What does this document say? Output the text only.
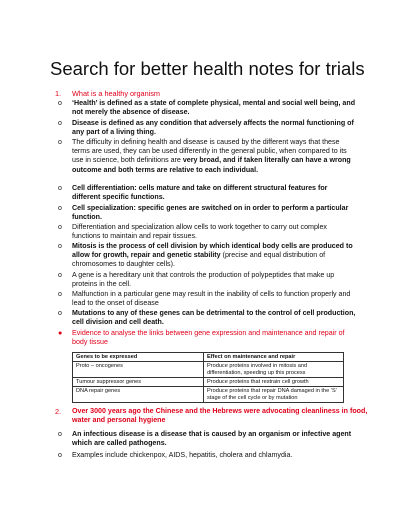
Search for better health notes for trials
1. What is a healthy organism
o ‘Health’ is defined as a state of complete physical, mental and social well being, and not merely the absence of disease.
o Disease is defined as any condition that adversely affects the normal functioning of any part of a living thing.
o The difficulty in defining health and disease is caused by the different ways that these terms are used, they can be used differently in the general public, when compared to its use in science, both definitions are very broad, and if taken literally can have a wrong outcome and both terms are relative to each individual.
o Cell differentiation: cells mature and take on different structural features for different specific functions.
o Cell specialization: specific genes are switched on in order to perform a particular function.
o Differentiation and specialization allow cells to work together to carry out complex functions to maintain and repair tissues.
o Mitosis is the process of cell division by which identical body cells are produced to allow for growth, repair and genetic stability (precise and equal distribution of chromosomes to daughter cells).
o A gene is a hereditary unit that controls the production of polypeptides that make up proteins in the cell.
o Malfunction in a particular gene may result in the inability of cells to function properly and lead to the onset of disease
o Mutations to any of these genes can be detrimental to the control of cell production, cell division and cell death.
● Evidence to analyse the links between gene expression and maintenance and repair of body tissue
Genes to be expressed	Effect on maintenance and repair
Proto – oncogenes	Produce proteins involved in mitosis and differentiation, speeding up this process
Tumour suppressor genes	Produce proteins that restrain cell growth
DNA repair genes	Produce proteins that repair DNA damaged in the ‘S’ stage of the cell cycle or by mutation
2. Over 3000 years ago the Chinese and the Hebrews were advocating cleanliness in food, water and personal hygiene
o An infectious disease is a disease that is caused by an organism or infective agent which are called pathogens.
o Examples include chickenpox, AIDS, hepatitis, cholera and chlamydia.
